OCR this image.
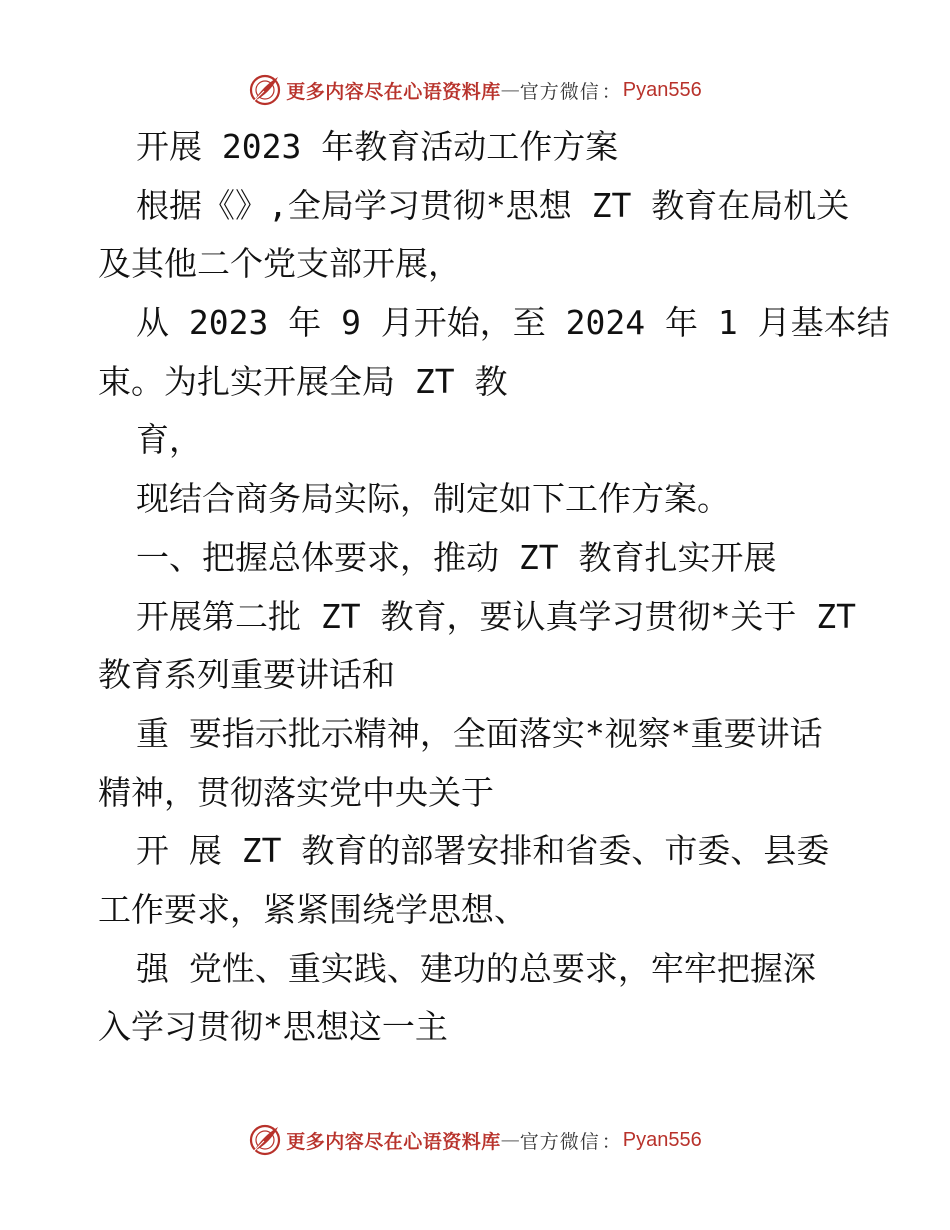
更多内容尽在心语资料库 — 官方微信 ： Pyan556
开展 2023 年教育活动工作方案
根据《》,全局学习贯彻*思想 ZT 教育在局机关
及其他二个党支部开展，
从 2023 年 9 月开始，至 2024 年 1 月基本结
束。为扎实开展全局 ZT 教
育，
现结合商务局实际，制定如下工作方案。
一、把握总体要求，推动 ZT 教育扎实开展
开展第二批 ZT 教育，要认真学习贯彻*关于 ZT
教育系列重要讲话和
重 要指示批示精神，全面落实*视察*重要讲话
精神，贯彻落实党中央关于
开 展 ZT 教育的部署安排和省委、市委、县委
工作要求，紧紧围绕学思想、
强 党性、重实践、建功的总要求，牢牢把握深
入学习贯彻*思想这一主
更多内容尽在心语资料库 — 官方微信 ： Pyan556
